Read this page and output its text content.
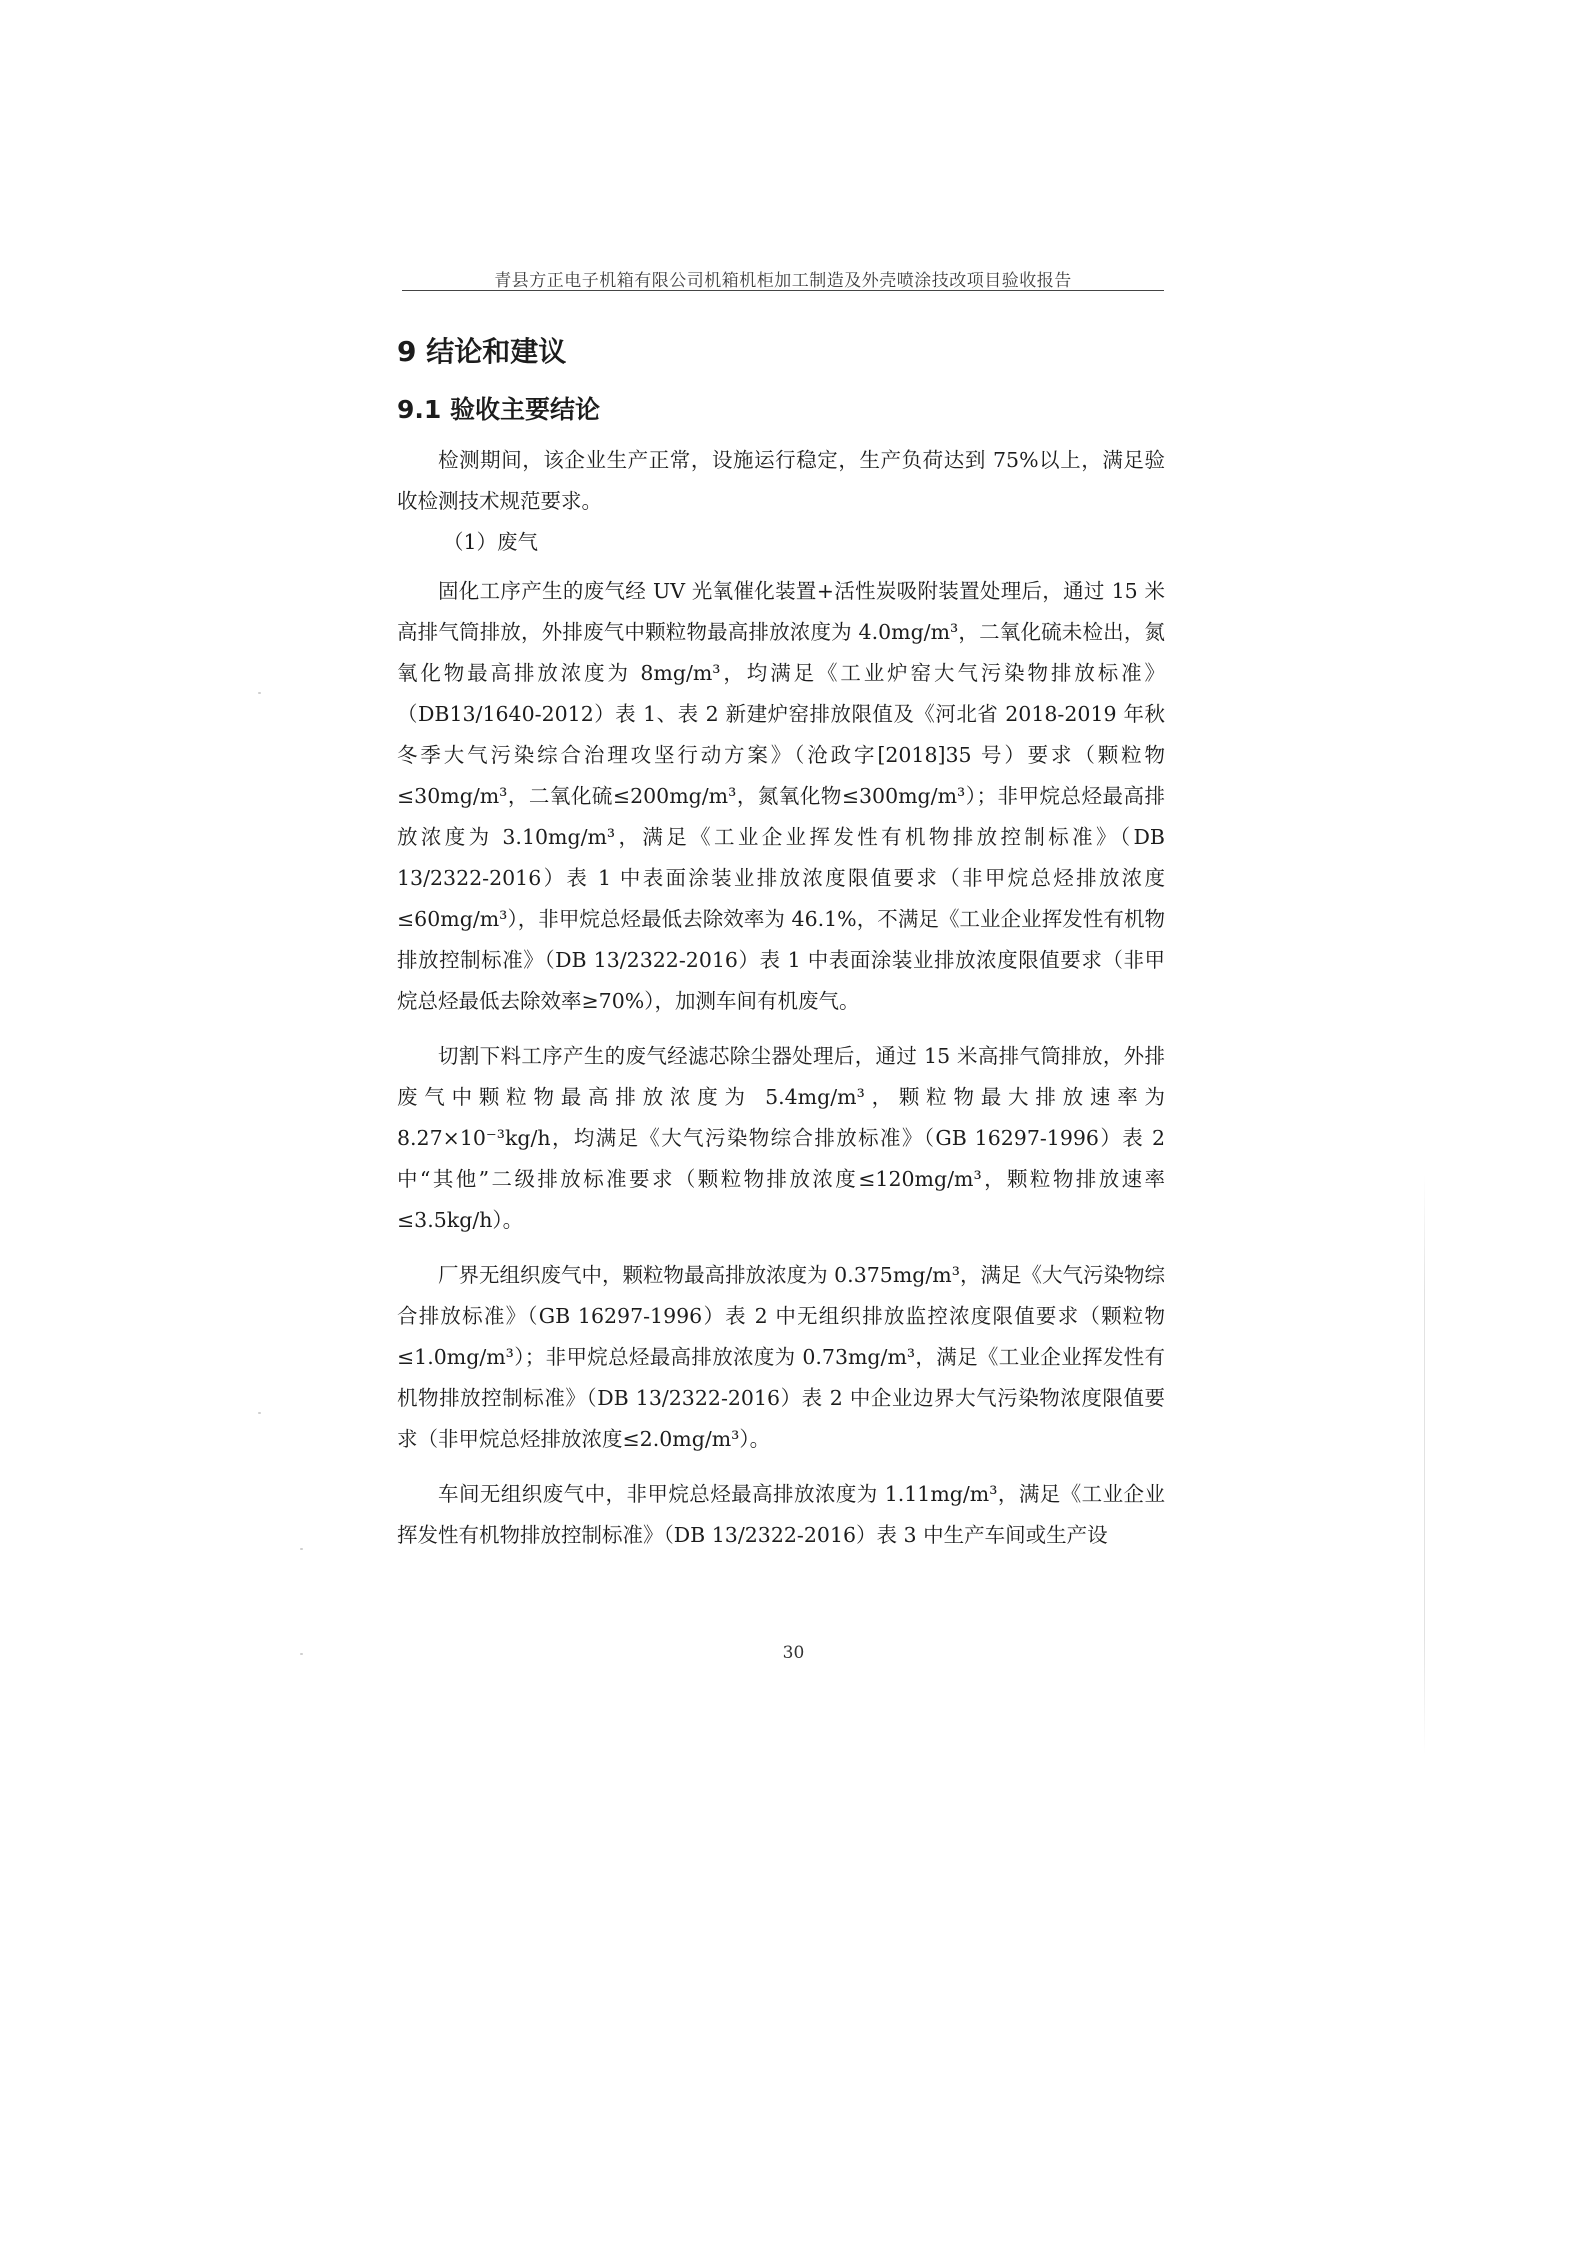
青县方正电子机箱有限公司机箱机柜加工制造及外壳喷涂技改项目验收报告
9 结论和建议
9.1 验收主要结论

检测期间，该企业生产正常，设施运行稳定，生产负荷达到 75%以上，满足验收检测技术规范要求。

（1）废气

固化工序产生的废气经 UV 光氧催化装置+活性炭吸附装置处理后，通过 15 米高排气筒排放，外排废气中颗粒物最高排放浓度为 4.0mg/m³，二氧化硫未检出，氮氧化物最高排放浓度为 8mg/m³，均满足《工业炉窑大气污染物排放标准》（DB13/1640-2012）表 1、表 2 新建炉窑排放限值及《河北省 2018-2019 年秋冬季大气污染综合治理攻坚行动方案》（沧政字[2018]35 号）要求（颗粒物≤30mg/m³，二氧化硫≤200mg/m³，氮氧化物≤300mg/m³）；非甲烷总烃最高排放浓度为 3.10mg/m³，满足《工业企业挥发性有机物排放控制标准》（DB 13/2322-2016）表 1 中表面涂装业排放浓度限值要求（非甲烷总烃排放浓度≤60mg/m³），非甲烷总烃最低去除效率为 46.1%，不满足《工业企业挥发性有机物排放控制标准》（DB 13/2322-2016）表 1 中表面涂装业排放浓度限值要求（非甲烷总烃最低去除效率≥70%），加测车间有机废气。

切割下料工序产生的废气经滤芯除尘器处理后，通过 15 米高排气筒排放，外排废气中颗粒物最高排放浓度为 5.4mg/m³，颗粒物最大排放速率为 8.27×10⁻³kg/h，均满足《大气污染物综合排放标准》（GB 16297-1996）表 2 中“其他”二级排放标准要求（颗粒物排放浓度≤120mg/m³，颗粒物排放速率≤3.5kg/h）。

厂界无组织废气中，颗粒物最高排放浓度为 0.375mg/m³，满足《大气污染物综合排放标准》（GB 16297-1996）表 2 中无组织排放监控浓度限值要求（颗粒物≤1.0mg/m³）；非甲烷总烃最高排放浓度为 0.73mg/m³，满足《工业企业挥发性有机物排放控制标准》（DB 13/2322-2016）表 2 中企业边界大气污染物浓度限值要求（非甲烷总烃排放浓度≤2.0mg/m³）。

车间无组织废气中，非甲烷总烃最高排放浓度为 1.11mg/m³，满足《工业企业挥发性有机物排放控制标准》（DB 13/2322-2016）表 3 中生产车间或生产设

30
